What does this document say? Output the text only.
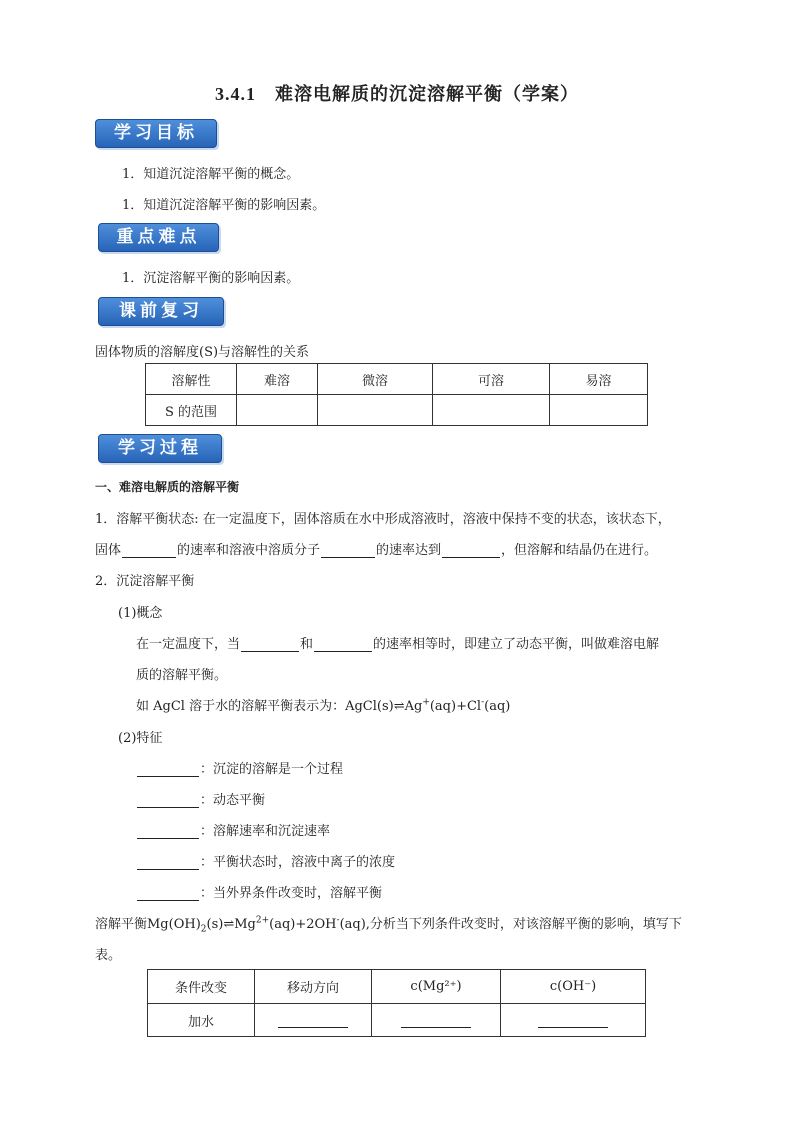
3.4.1　难溶电解质的沉淀溶解平衡（学案）
学习目标
1．知道沉淀溶解平衡的概念。
1．知道沉淀溶解平衡的影响因素。
重点难点
1．沉淀溶解平衡的影响因素。
课前复习
固体物质的溶解度(S)与溶解性的关系
溶解性	难溶	微溶	可溶	易溶
S 的范围				
学习过程
一、难溶电解质的溶解平衡
1．溶解平衡状态: 在一定温度下，固体溶质在水中形成溶液时，溶液中保持不变的状态，该状态下，
固体	的速率和溶液中溶质分子	的速率达到	，但溶解和结晶仍在进行。
2．沉淀溶解平衡
(1)概念
在一定温度下，当	和	的速率相等时，即建立了动态平衡，叫做难溶电解
质的溶解平衡。
如 AgCl 溶于水的溶解平衡表示为：AgCl(s)⇌Ag+(aq)+Cl-(aq)
(2)特征
：沉淀的溶解是一个过程
：动态平衡
：溶解速率和沉淀速率
：平衡状态时，溶液中离子的浓度
：当外界条件改变时，溶解平衡
溶解平衡$Mg(OH)_2(s)\rightleftharpoons Mg^{2+}(aq)+2OH^-(aq)$,分析当下列条件改变时，对该溶解平衡的影响，填写下
表。
条件改变	移动方向	c(Mg²⁺)	c(OH⁻)
加水			
